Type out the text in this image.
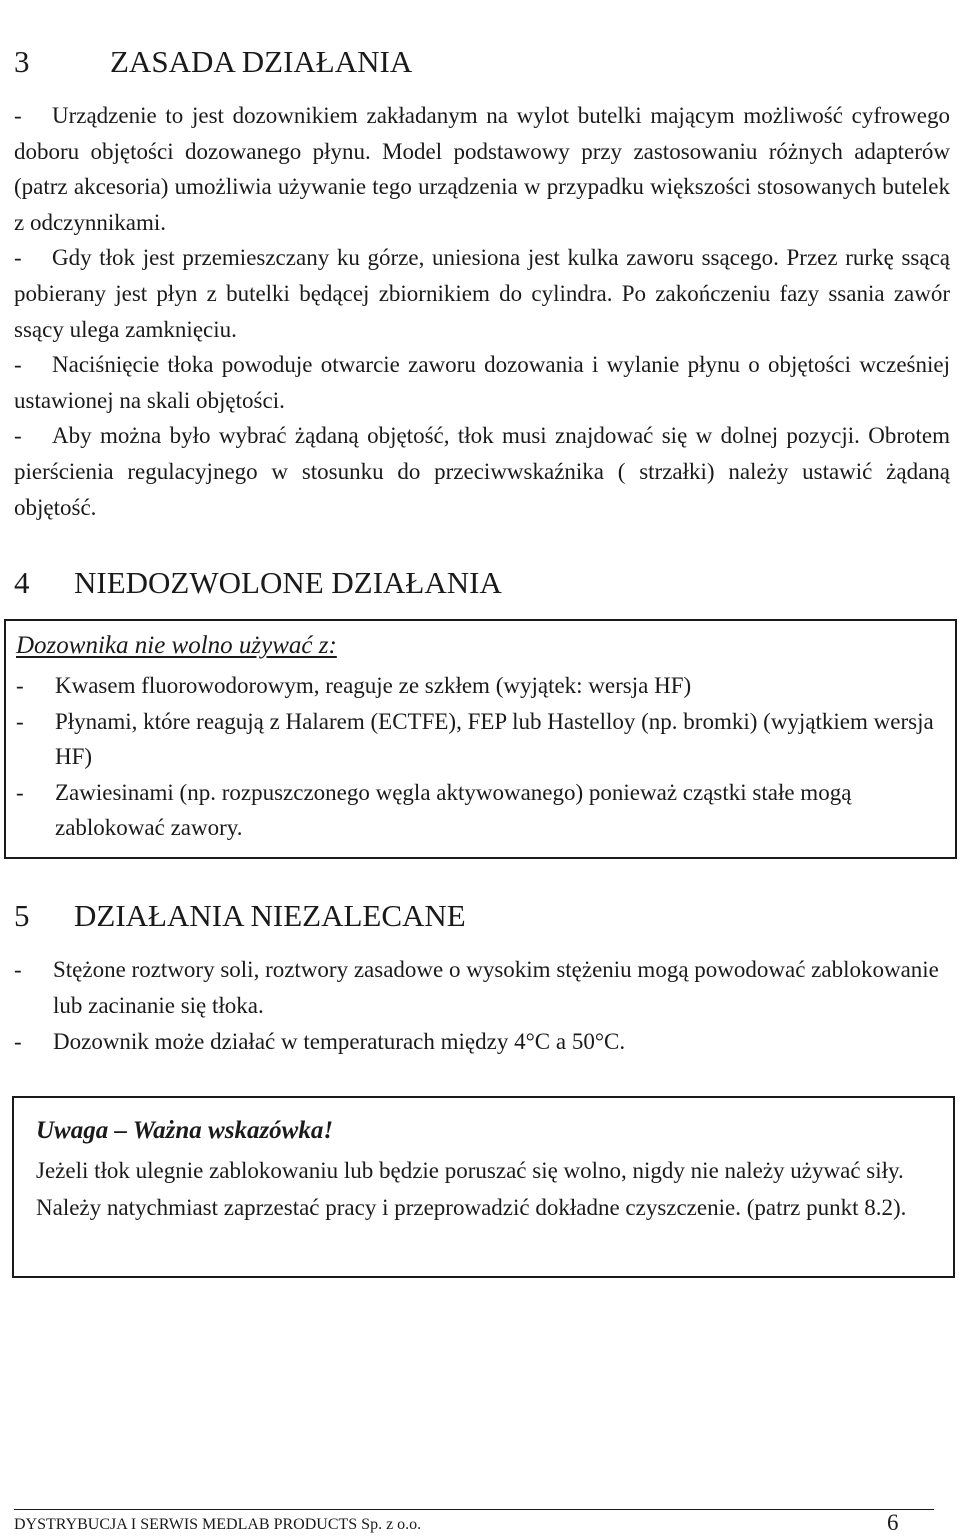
3	ZASADA DZIAŁANIA
- Urządzenie to jest dozownikiem zakładanym na wylot butelki mającym możliwość cyfrowego doboru objętości dozowanego płynu. Model podstawowy przy zastosowaniu różnych adapterów (patrz akcesoria) umożliwia używanie tego urządzenia w przypadku większości stosowanych butelek z odczynnikami.
- Gdy tłok jest przemieszczany ku górze, uniesiona jest kulka zaworu ssącego. Przez rurkę ssącą pobierany jest płyn z butelki będącej zbiornikiem do cylindra. Po zakończeniu fazy ssania zawór ssący ulega zamknięciu.
- Naciśnięcie tłoka powoduje otwarcie zaworu dozowania i wylanie płynu o objętości wcześniej ustawionej na skali objętości.
- Aby można było wybrać żądaną objętość, tłok musi znajdować się w dolnej pozycji. Obrotem pierścienia regulacyjnego w stosunku do przeciwwskaźnika ( strzałki) należy ustawić żądaną objętość.
4 NIEDOZWOLONE DZIAŁANIA

Dozownika nie wolno używać z:

- Kwasem fluorowodorowym, reaguje ze szkłem (wyjątek: wersja HF)
- Płynami, które reagują z Halarem (ECTFE), FEP lub Hastelloy (np. bromki) (wyjątkiem wersja HF)
- Zawiesinami (np. rozpuszczonego węgla aktywowanego) ponieważ cząstki stałe mogą zablokować zawory.
5 DZIAŁANIA NIEZALECANE
- Stężone roztwory soli, roztwory zasadowe o wysokim stężeniu mogą powodować zablokowanie lub zacinanie się tłoka.
- Dozownik może działać w temperaturach między 4°C a 50°C.

Uwaga – Ważna wskazówka!

Jeżeli tłok ulegnie zablokowaniu lub będzie poruszać się wolno, nigdy nie należy używać siły. Należy natychmiast zaprzestać pracy i przeprowadzić dokładne czyszczenie. (patrz punkt 8.2).

DYSTRYBUCJA I SERWIS MEDLAB PRODUCTS Sp. z o.o.	6
